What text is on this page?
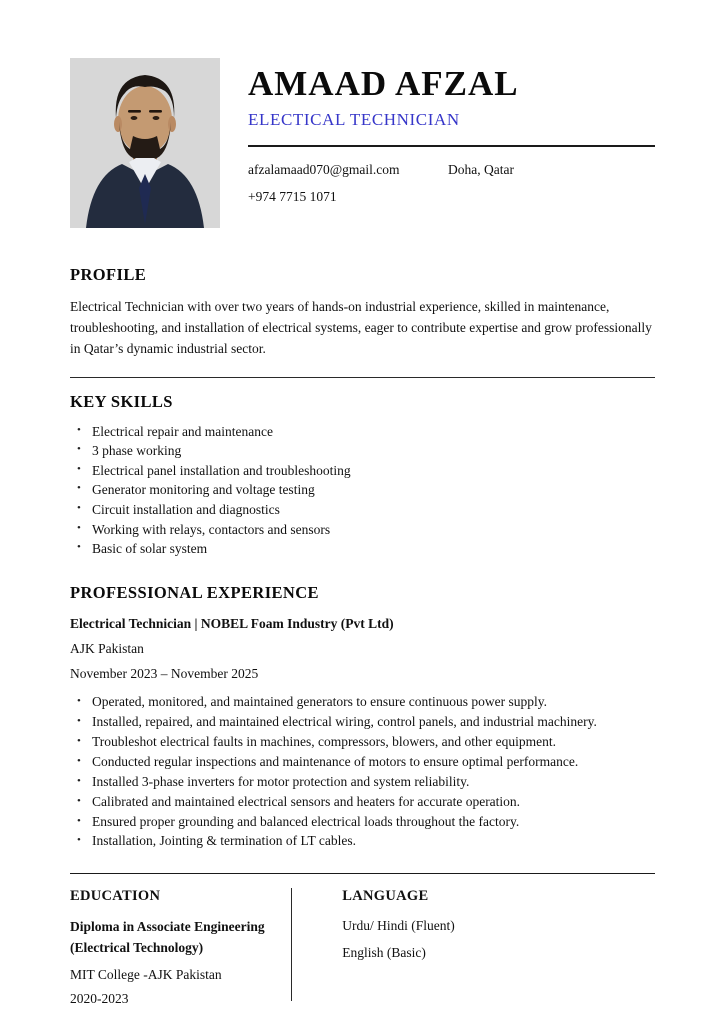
AMAAD AFZAL
ELECTICAL TECHNICIAN
afzalamaad070@gmail.com	Doha, Qatar
+974 7715 1071
PROFILE

Electrical Technician with over two years of hands-on industrial experience, skilled in maintenance, troubleshooting, and installation of electrical systems, eager to contribute expertise and grow professionally in Qatar’s dynamic industrial sector.

KEY SKILLS
• Electrical repair and maintenance
• 3 phase working
• Electrical panel installation and troubleshooting
• Generator monitoring and voltage testing
• Circuit installation and diagnostics
• Working with relays, contactors and sensors
• Basic of solar system
PROFESSIONAL EXPERIENCE
Electrical Technician | NOBEL Foam Industry (Pvt Ltd)
AJK Pakistan
November 2023 – November 2025
• Operated, monitored, and maintained generators to ensure continuous power supply.
• Installed, repaired, and maintained electrical wiring, control panels, and industrial machinery.
• Troubleshot electrical faults in machines, compressors, blowers, and other equipment.
• Conducted regular inspections and maintenance of motors to ensure optimal performance.
• Installed 3-phase inverters for motor protection and system reliability.
• Calibrated and maintained electrical sensors and heaters for accurate operation.
• Ensured proper grounding and balanced electrical loads throughout the factory.
• Installation, Jointing & termination of LT cables.
EDUCATION
Diploma in Associate Engineering (Electrical Technology)
MIT College -AJK Pakistan
2020-2023
LANGUAGE
Urdu/ Hindi (Fluent)
English (Basic)
